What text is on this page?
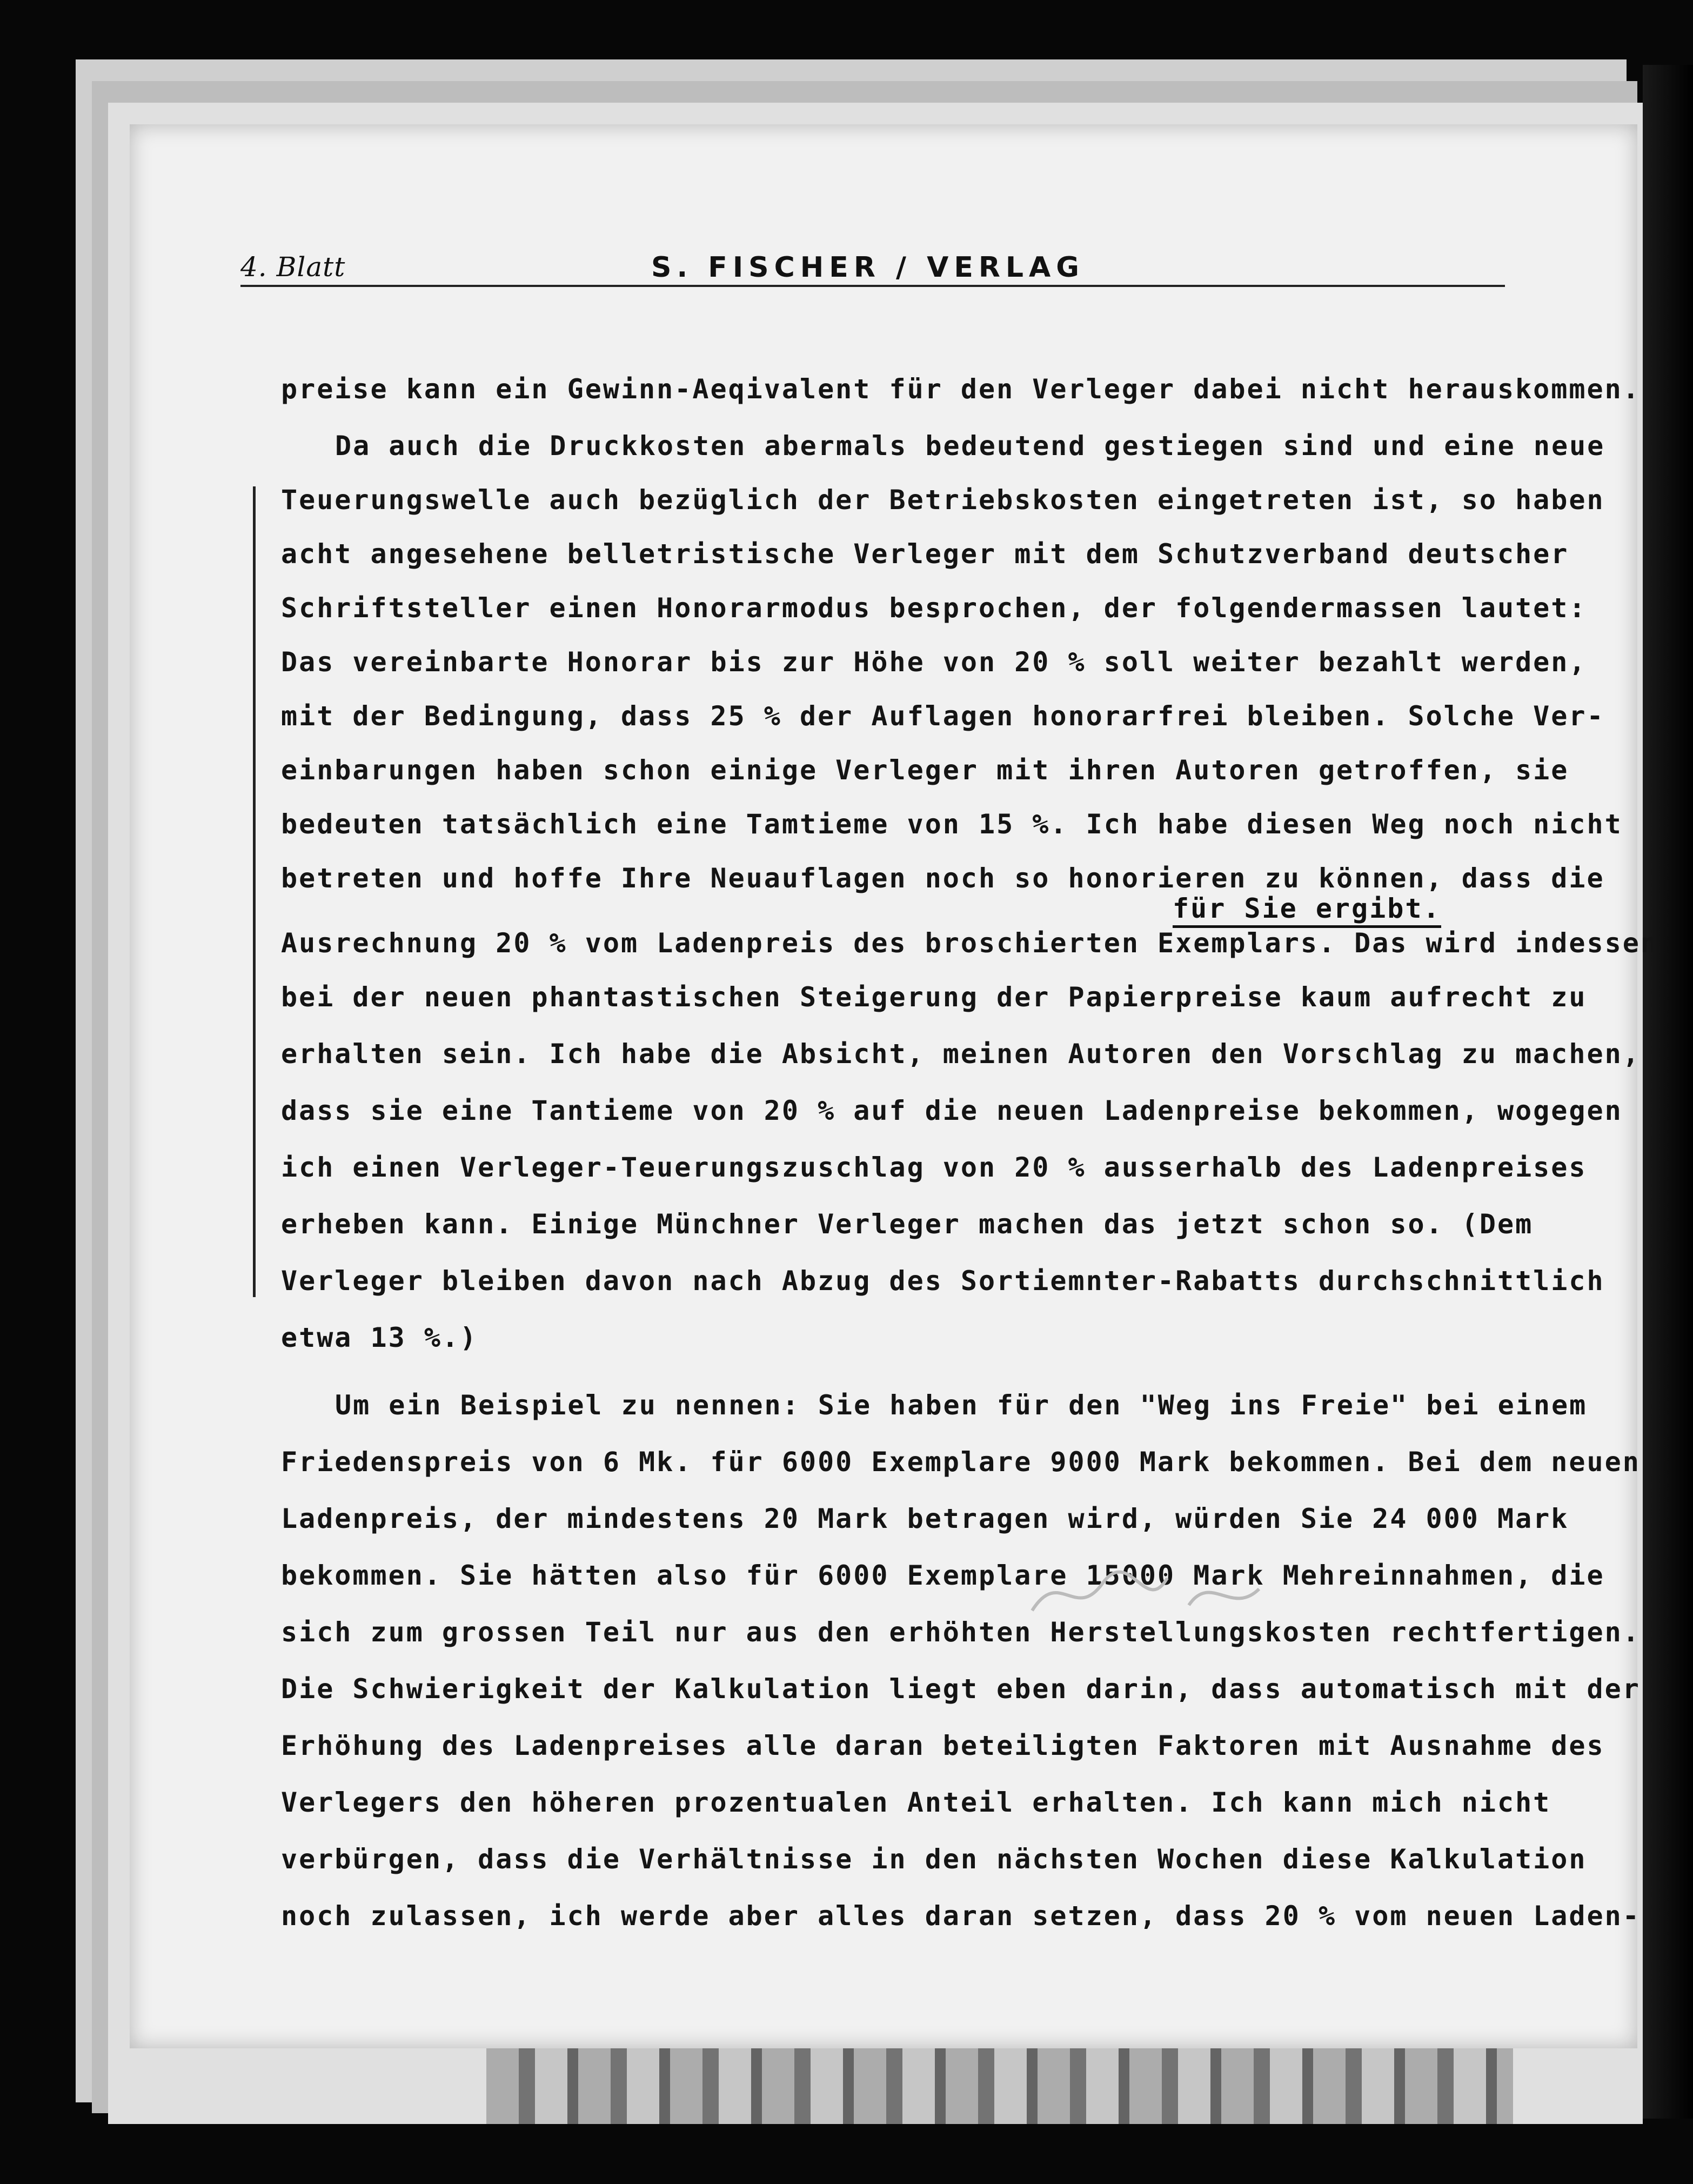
4. Blatt	S. FISCHER / VERLAG
preise kann ein Gewinn-Aeqivalent für den Verleger dabei nicht herauskommen.
Da auch die Druckkosten abermals bedeutend gestiegen sind und eine neue
Teuerungswelle auch bezüglich der Betriebskosten eingetreten ist, so haben
acht angesehene belletristische Verleger mit dem Schutzverband deutscher
Schriftsteller einen Honorarmodus besprochen, der folgendermassen lautet:
Das vereinbarte Honorar bis zur Höhe von 20 % soll weiter bezahlt werden,
mit der Bedingung, dass 25 % der Auflagen honorarfrei bleiben. Solche Ver-
einbarungen haben schon einige Verleger mit ihren Autoren getroffen, sie
bedeuten tatsächlich eine Tamtieme von 15 %. Ich habe diesen Weg noch nicht
betreten und hoffe Ihre Neuauflagen noch so honorieren zu können, dass die
für Sie ergibt.
Ausrechnung 20 % vom Ladenpreis des broschierten Exemplars. Das wird indessen
bei der neuen phantastischen Steigerung der Papierpreise kaum aufrecht zu
erhalten sein. Ich habe die Absicht, meinen Autoren den Vorschlag zu machen,
dass sie eine Tantieme von 20 % auf die neuen Ladenpreise bekommen, wogegen
ich einen Verleger-Teuerungszuschlag von 20 % ausserhalb des Ladenpreises
erheben kann. Einige Münchner Verleger machen das jetzt schon so. (Dem
Verleger bleiben davon nach Abzug des Sortiemnter-Rabatts durchschnittlich
etwa 13 %.)
Um ein Beispiel zu nennen: Sie haben für den "Weg ins Freie" bei einem
Friedenspreis von 6 Mk. für 6000 Exemplare 9000 Mark bekommen. Bei dem neuen
Ladenpreis, der mindestens 20 Mark betragen wird, würden Sie 24 000 Mark
bekommen. Sie hätten also für 6000 Exemplare 15000 Mark Mehreinnahmen, die
sich zum grossen Teil nur aus den erhöhten Herstellungskosten rechtfertigen.
Die Schwierigkeit der Kalkulation liegt eben darin, dass automatisch mit der
Erhöhung des Ladenpreises alle daran beteiligten Faktoren mit Ausnahme des
Verlegers den höheren prozentualen Anteil erhalten. Ich kann mich nicht
verbürgen, dass die Verhältnisse in den nächsten Wochen diese Kalkulation
noch zulassen, ich werde aber alles daran setzen, dass 20 % vom neuen Laden-
